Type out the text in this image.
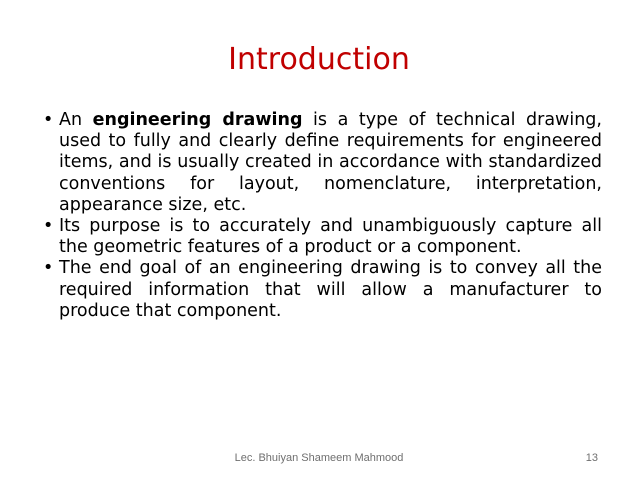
Introduction
• An engineering drawing is a type of technical drawing, used to fully and clearly define requirements for engineered items, and is usually created in accordance with standardized conventions for layout, nomenclature, interpretation, appearance size, etc.
• Its purpose is to accurately and unambiguously capture all the geometric features of a product or a component.
• The end goal of an engineering drawing is to convey all the required information that will allow a manufacturer to produce that component.
Lec. Bhuiyan Shameem Mahmood	13
